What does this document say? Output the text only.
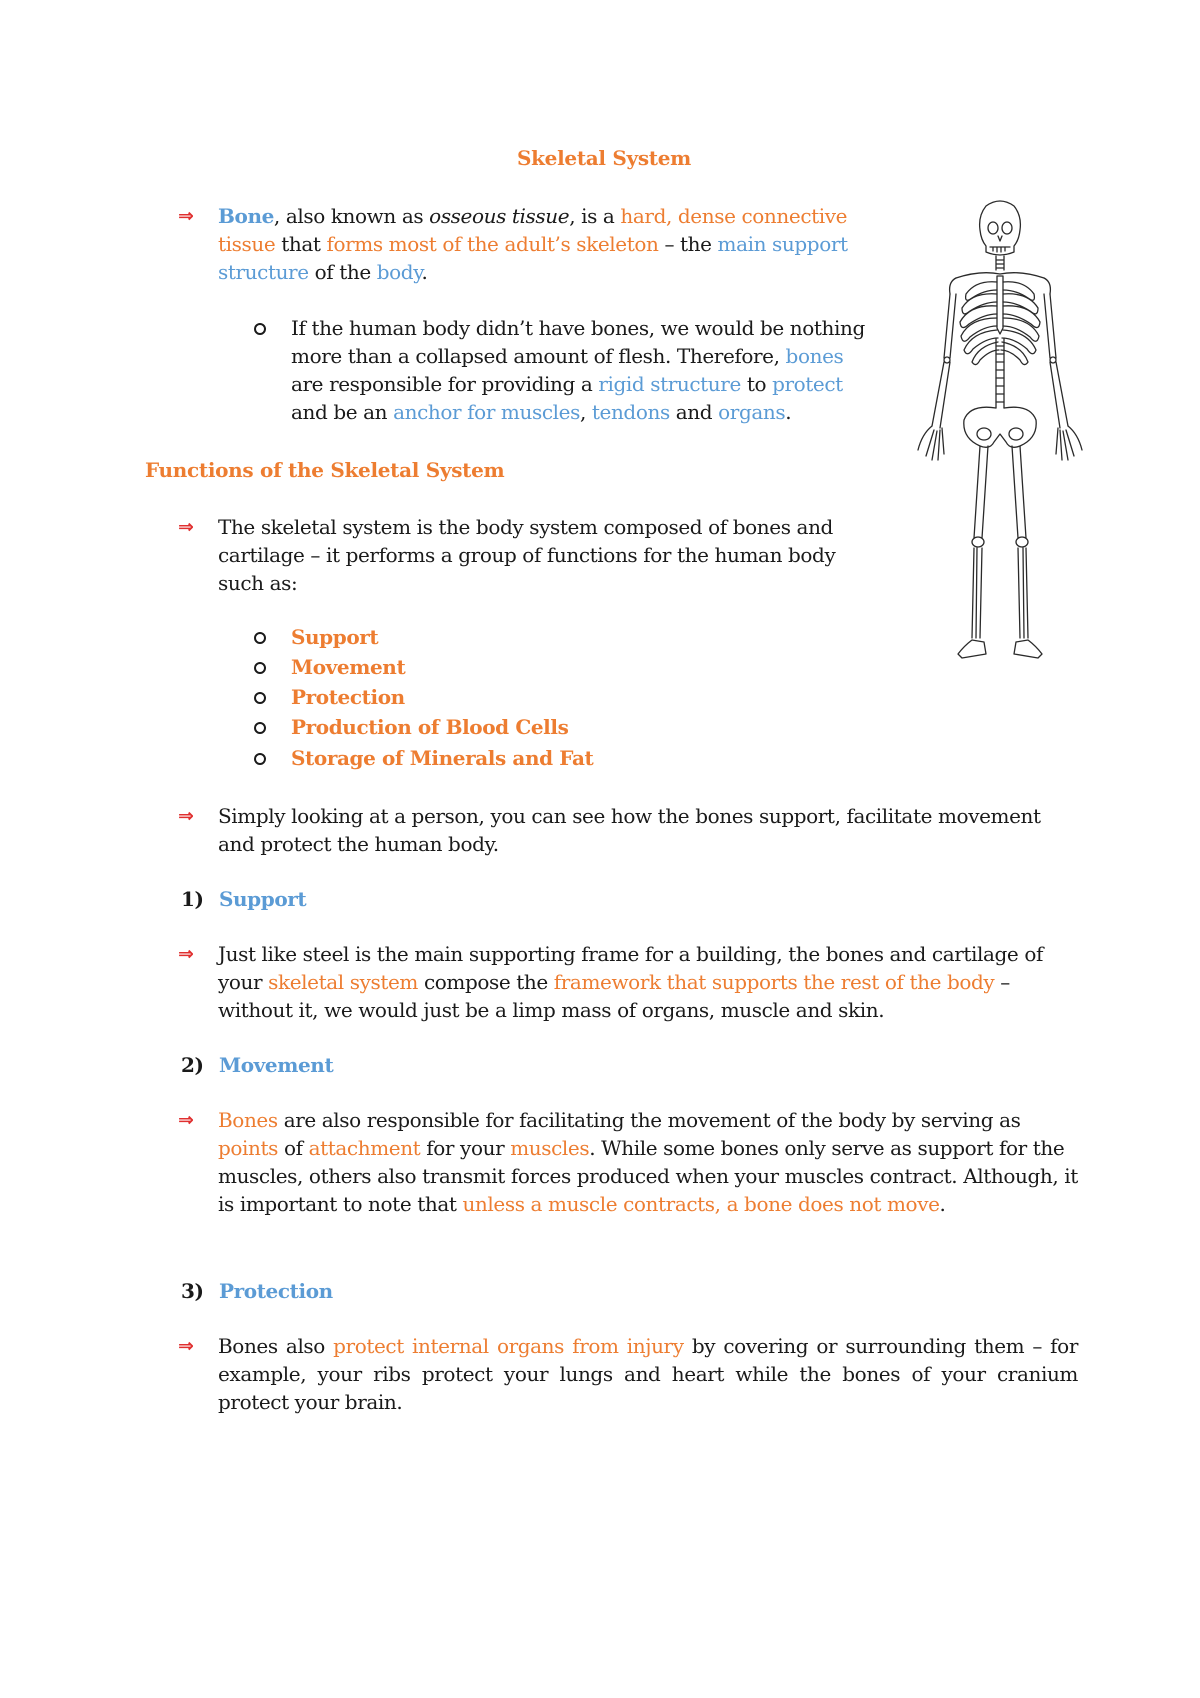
Skeletal System
⇒ Bone, also known as osseous tissue, is a hard, dense connective tissue that forms most of the adult’s skeleton – the main support structure of the body.
If the human body didn’t have bones, we would be nothing more than a collapsed amount of flesh. Therefore, bones are responsible for providing a rigid structure to protect and be an anchor for muscles, tendons and organs.
Functions of the Skeletal System
⇒ The skeletal system is the body system composed of bones and cartilage – it performs a group of functions for the human body such as:
Support
Movement
Protection
Production of Blood Cells
Storage of Minerals and Fat
⇒ Simply looking at a person, you can see how the bones support, facilitate movement and protect the human body.
1) Support
⇒ Just like steel is the main supporting frame for a building, the bones and cartilage of your skeletal system compose the framework that supports the rest of the body – without it, we would just be a limp mass of organs, muscle and skin.
2) Movement
⇒ Bones are also responsible for facilitating the movement of the body by serving as points of attachment for your muscles. While some bones only serve as support for the muscles, others also transmit forces produced when your muscles contract. Although, it is important to note that unless a muscle contracts, a bone does not move.
3) Protection
⇒ Bones also protect internal organs from injury by covering or surrounding them – for example, your ribs protect your lungs and heart while the bones of your cranium protect your brain.
